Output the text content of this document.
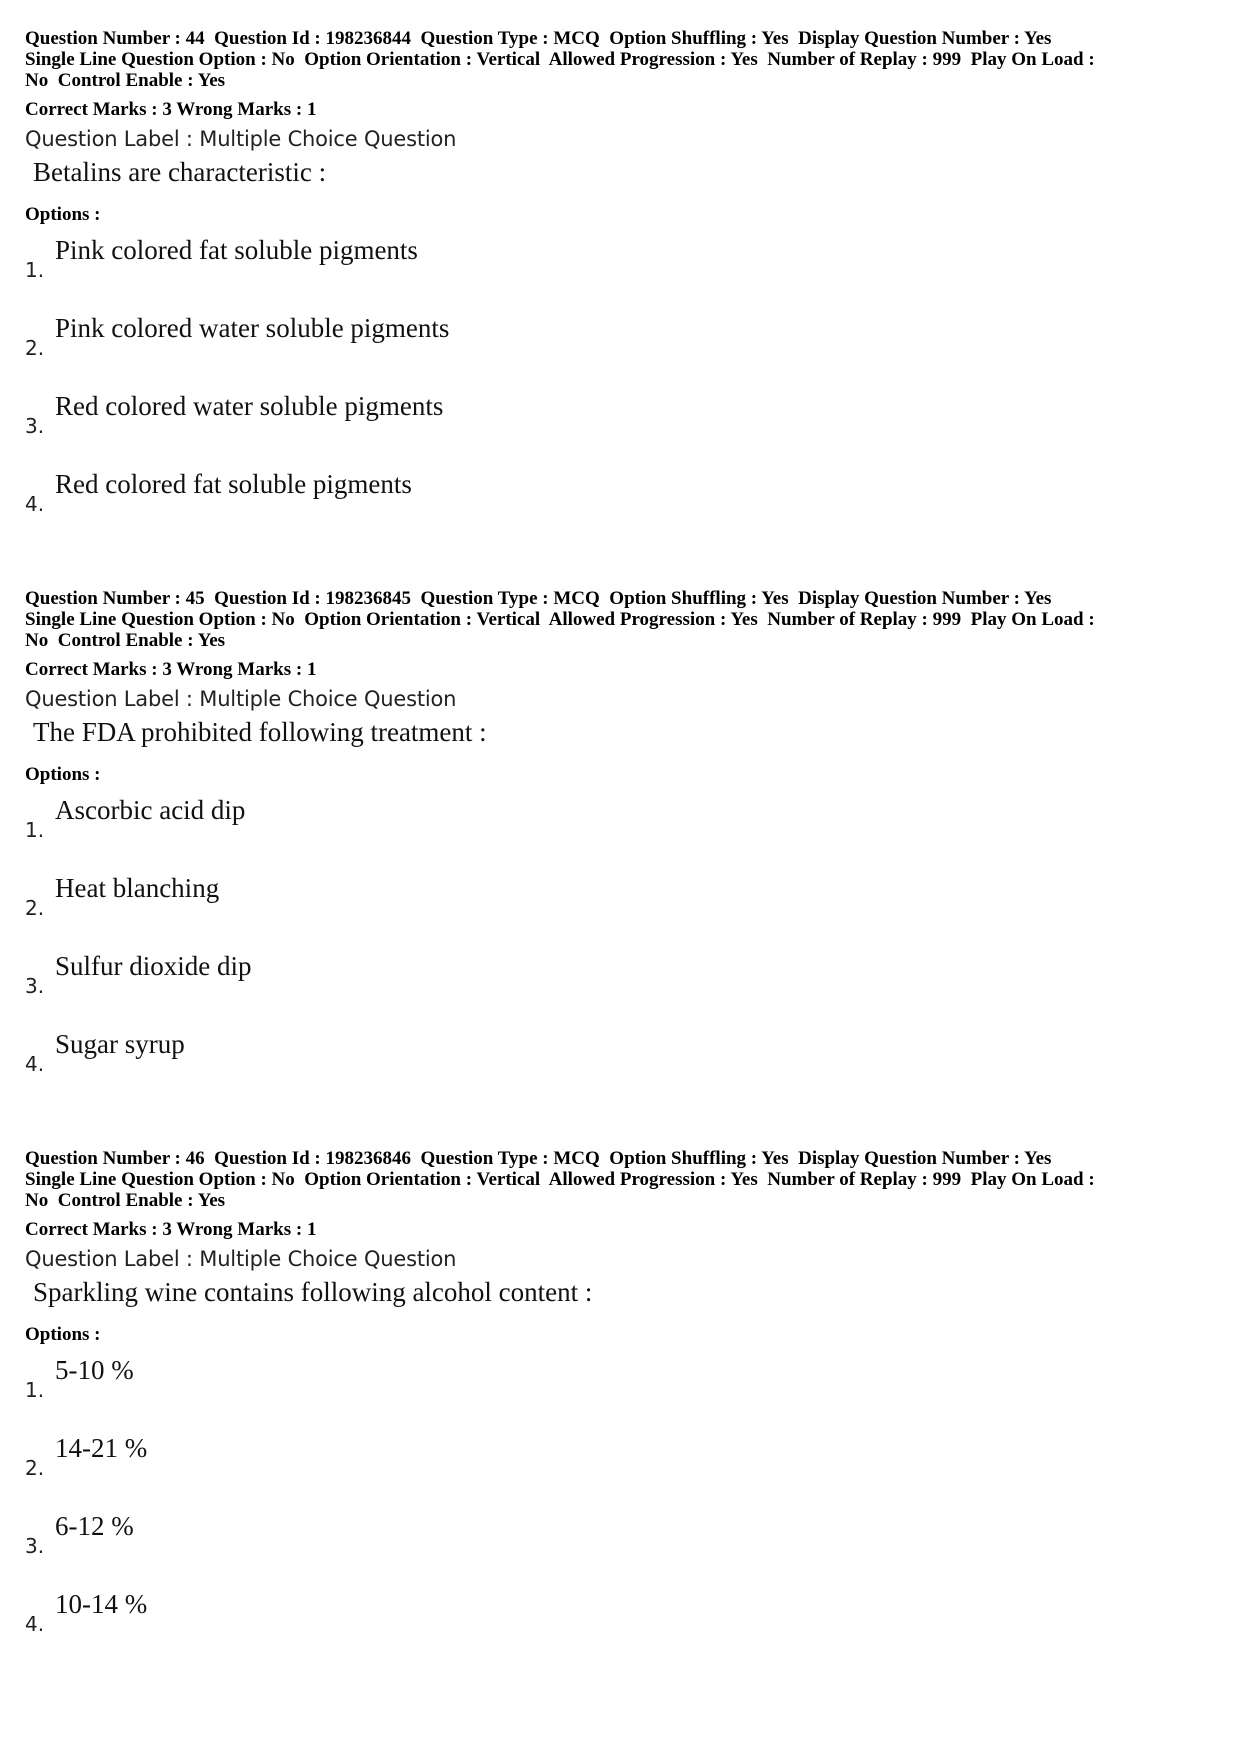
Question Number : 44  Question Id : 198236844  Question Type : MCQ  Option Shuffling : Yes  Display Question Number : Yes
Single Line Question Option : No  Option Orientation : Vertical  Allowed Progression : Yes  Number of Replay : 999  Play On Load :
No  Control Enable : Yes
Correct Marks : 3 Wrong Marks : 1
Question Label : Multiple Choice Question
Betalins are characteristic :
Options :
1.
Pink colored fat soluble pigments
2.
Pink colored water soluble pigments
3.
Red colored water soluble pigments
4.
Red colored fat soluble pigments
Question Number : 45  Question Id : 198236845  Question Type : MCQ  Option Shuffling : Yes  Display Question Number : Yes
Single Line Question Option : No  Option Orientation : Vertical  Allowed Progression : Yes  Number of Replay : 999  Play On Load :
No  Control Enable : Yes
Correct Marks : 3 Wrong Marks : 1
Question Label : Multiple Choice Question
The FDA prohibited following treatment :
Options :
1.
Ascorbic acid dip
2.
Heat blanching
3.
Sulfur dioxide dip
4.
Sugar syrup
Question Number : 46  Question Id : 198236846  Question Type : MCQ  Option Shuffling : Yes  Display Question Number : Yes
Single Line Question Option : No  Option Orientation : Vertical  Allowed Progression : Yes  Number of Replay : 999  Play On Load :
No  Control Enable : Yes
Correct Marks : 3 Wrong Marks : 1
Question Label : Multiple Choice Question
Sparkling wine contains following alcohol content :
Options :
1.
5-10 %
2.
14-21 %
3.
6-12 %
4.
10-14 %
